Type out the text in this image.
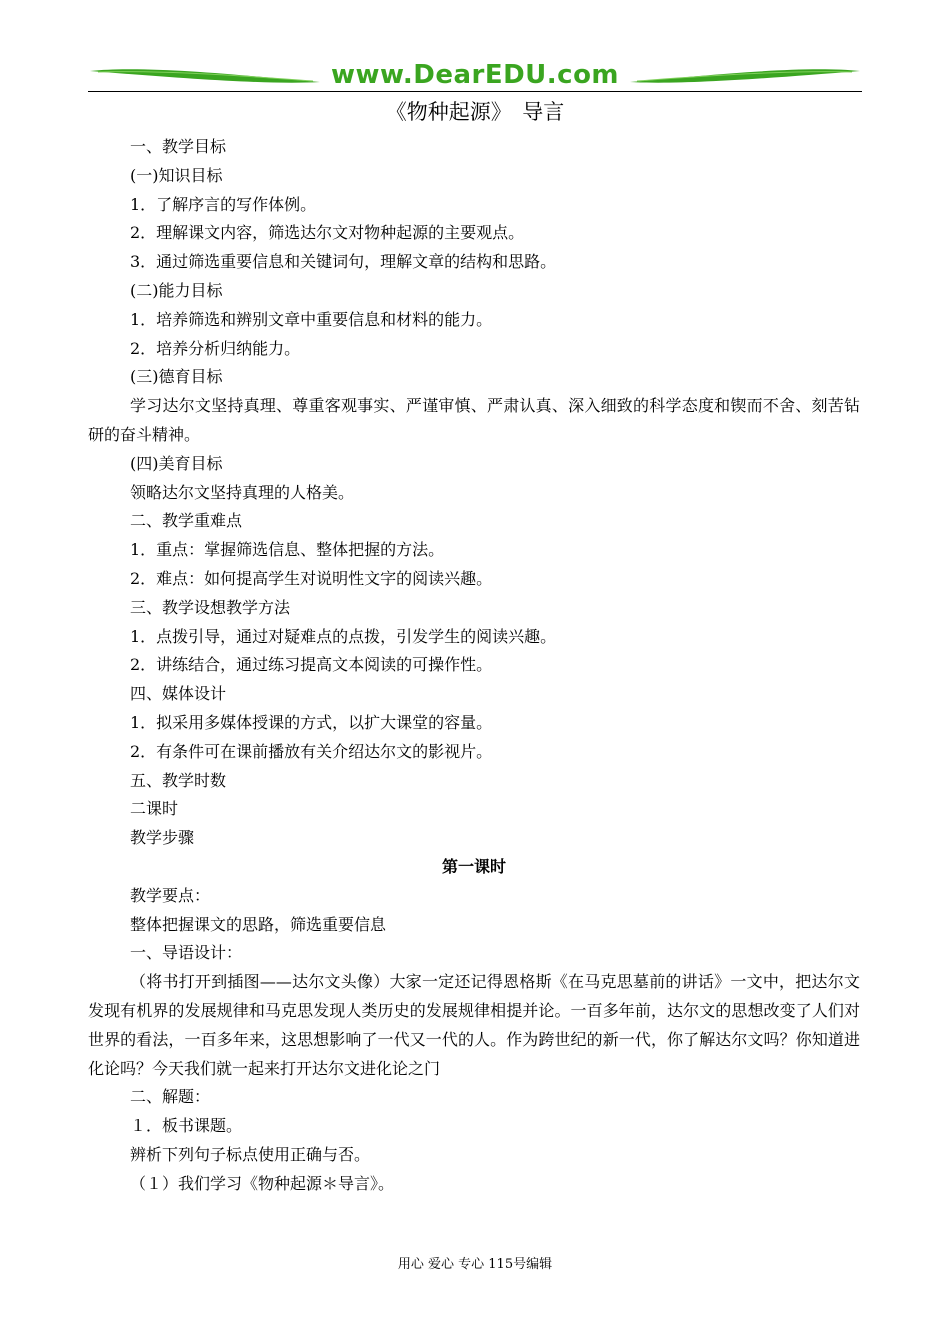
www.DearEDU.com
《物种起源》　导言

一、教学目标

(一)知识目标

1．了解序言的写作体例。

2．理解课文内容，筛选达尔文对物种起源的主要观点。

3．通过筛选重要信息和关键词句，理解文章的结构和思路。

(二)能力目标

1．培养筛选和辨别文章中重要信息和材料的能力。

2．培养分析归纳能力。

(三)德育目标

学习达尔文坚持真理、尊重客观事实、严谨审慎、严肃认真、深入细致的科学态度和锲而不舍、刻苦钻研的奋斗精神。

(四)美育目标

领略达尔文坚持真理的人格美。

二、教学重难点

1．重点：掌握筛选信息、整体把握的方法。

2．难点：如何提高学生对说明性文字的阅读兴趣。

三、教学设想教学方法

1．点拨引导，通过对疑难点的点拨，引发学生的阅读兴趣。

2．讲练结合，通过练习提高文本阅读的可操作性。

四、媒体设计

1．拟采用多媒体授课的方式，以扩大课堂的容量。

2．有条件可在课前播放有关介绍达尔文的影视片。

五、教学时数

二课时

教学步骤

第一课时

教学要点：

整体把握课文的思路，筛选重要信息

一、导语设计：

（将书打开到插图——达尔文头像）大家一定还记得恩格斯《在马克思墓前的讲话》一文中，把达尔文发现有机界的发展规律和马克思发现人类历史的发展规律相提并论。一百多年前，达尔文的思想改变了人们对世界的看法，一百多年来，这思想影响了一代又一代的人。作为跨世纪的新一代，你了解达尔文吗？你知道进化论吗？今天我们就一起来打开达尔文进化论之门

二、解题：

１．板书课题。

辨析下列句子标点使用正确与否。

（１）我们学习《物种起源＊导言》。

用心 爱心 专心 115号编辑
